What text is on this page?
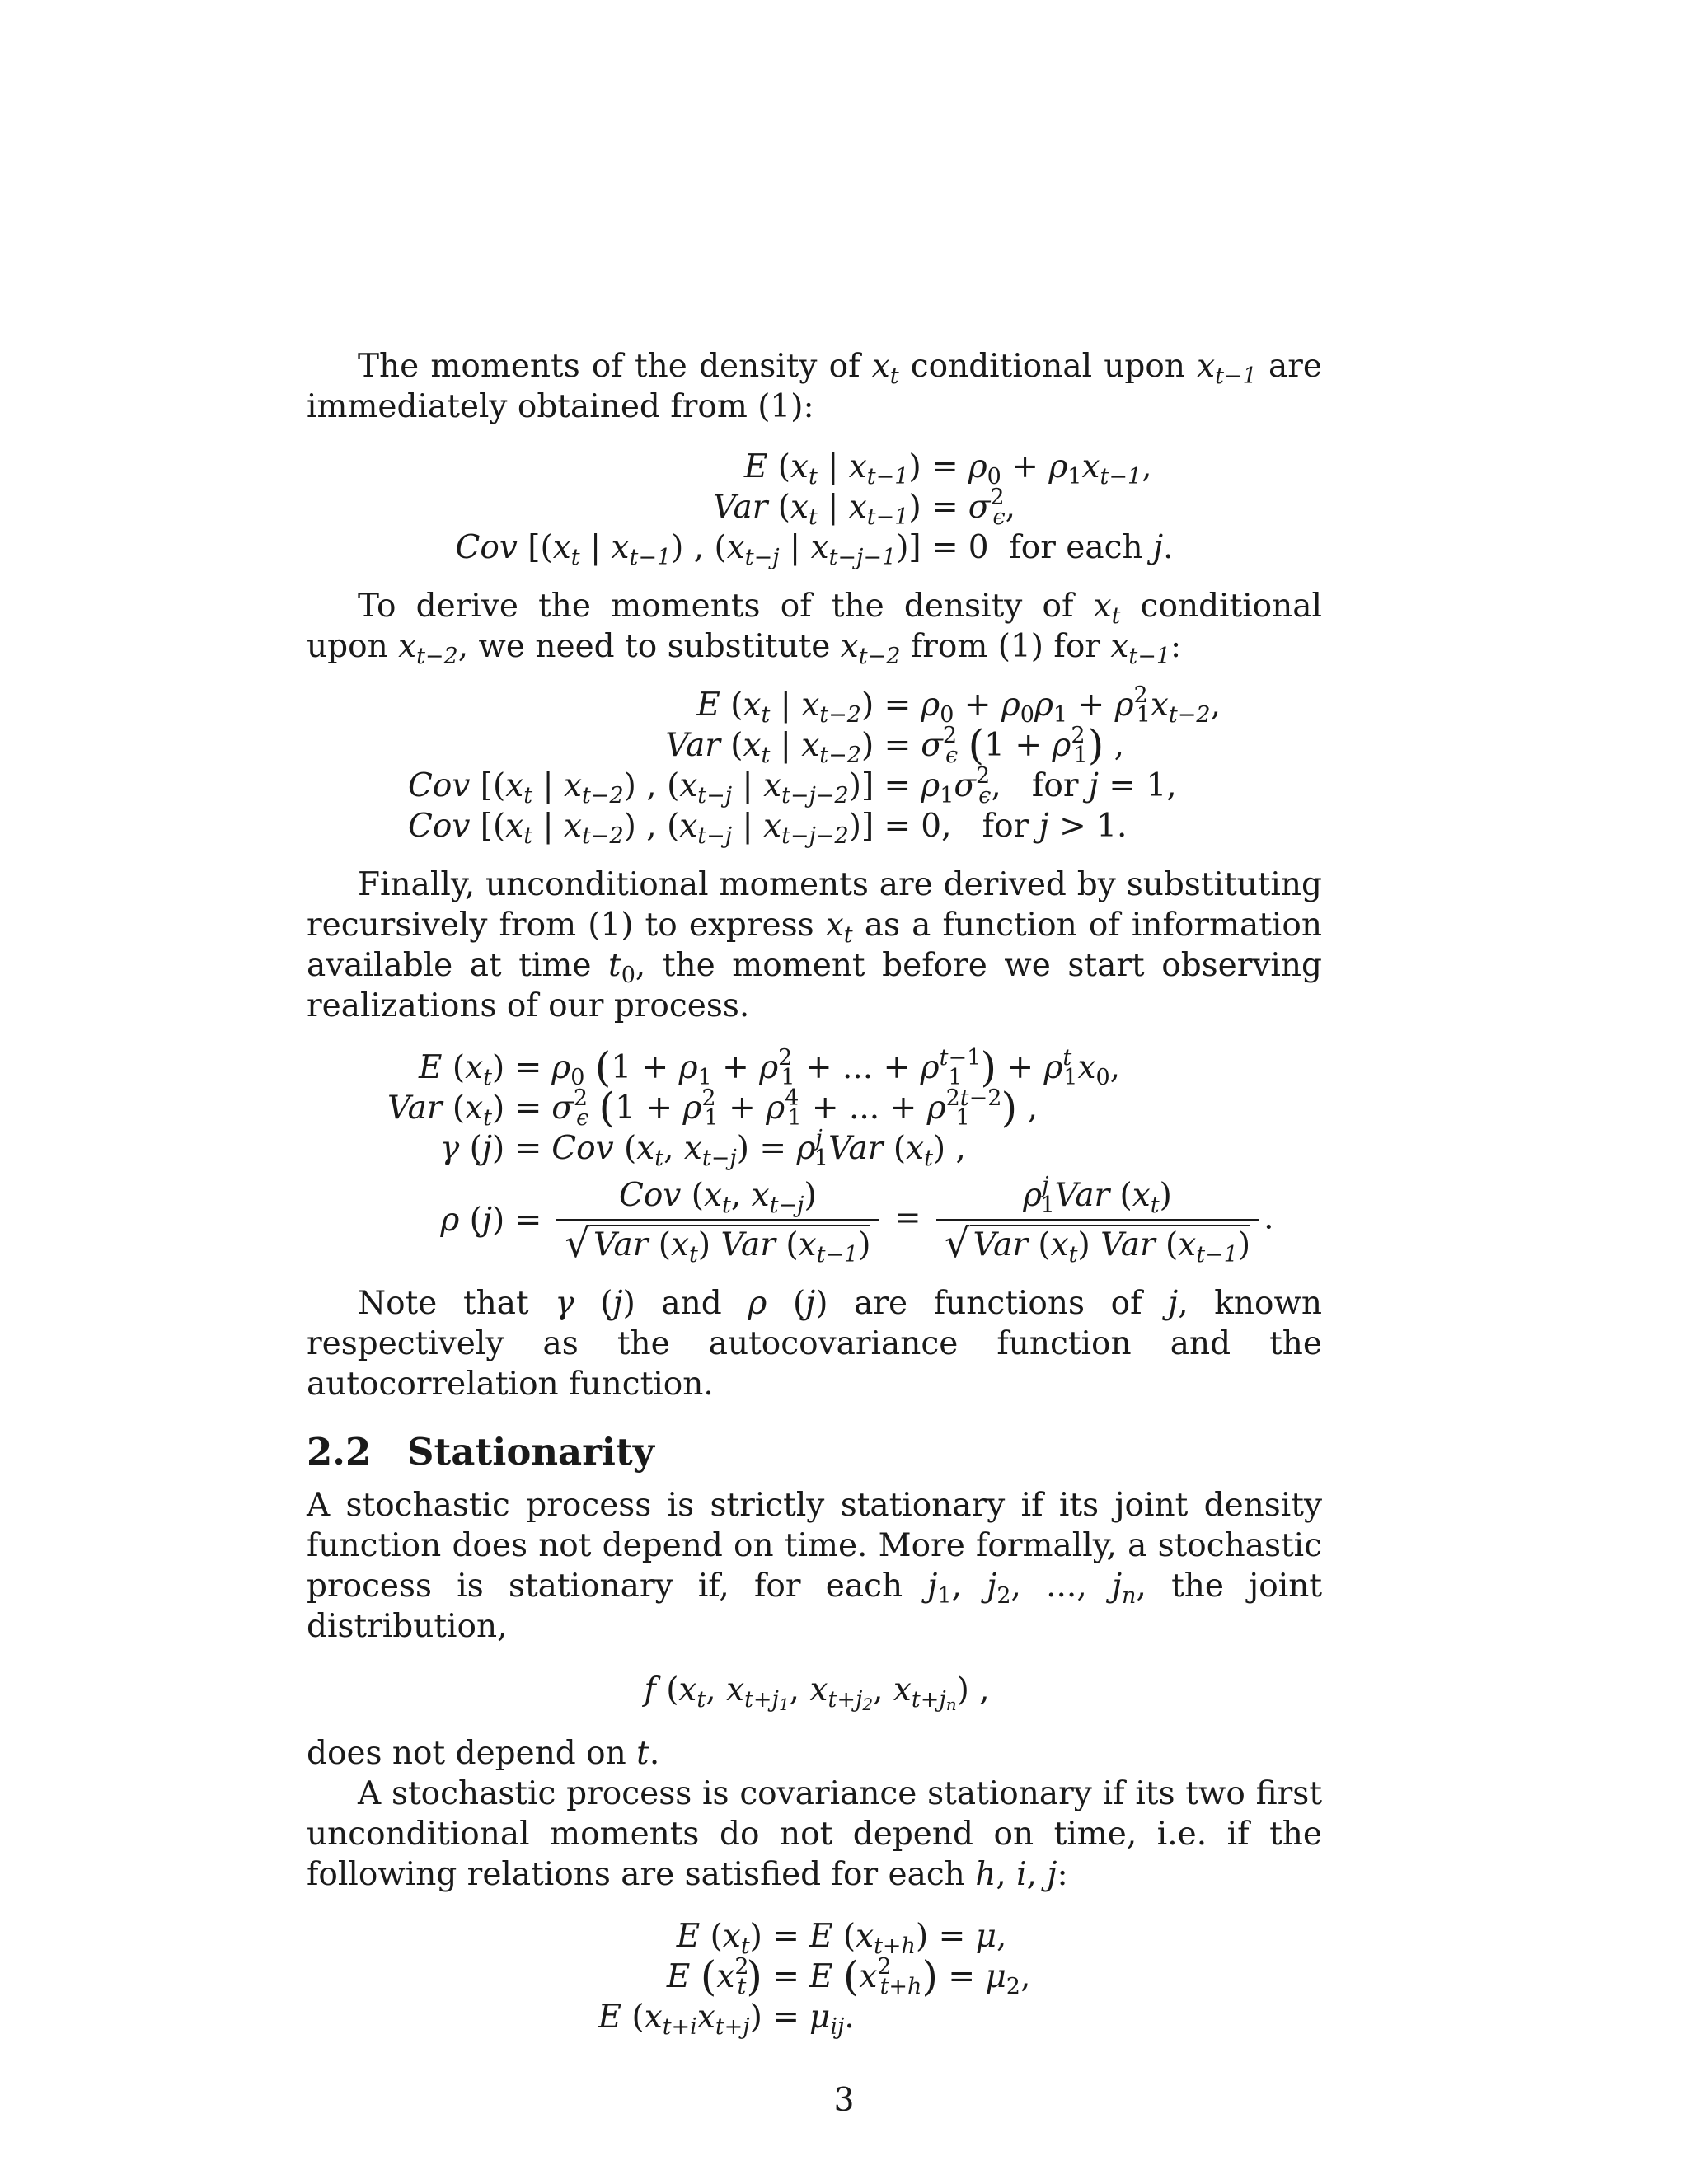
The moments of the density of $x_t$ conditional upon $x_{t-1}$ are immediately obtained from (1):

E ($x_t$ | $x_{t-1}$) =	$\rho_0 + \rho_1x_{t-1}$,
Var ($x_t$ | $x_{t-1}$) =	$\sigma^2_\epsilon$,
Cov [($x_t$ | $x_{t-1}$) , ($x_{t-j}$ | $x_{t-j-1}$)] =	0  for each j.

To derive the moments of the density of $x_t$ conditional upon $x_{t-2}$, we need to substitute $x_{t-2}$ from (1) for $x_{t-1}$:

E ($x_t$ | $x_{t-2}$) =	$\rho_0 + \rho_0\rho_1 + \rho^2_1x_{t-2}$,
Var ($x_t$ | $x_{t-2}$) =	$\sigma^2_\epsilon$ $(1 + \rho^2_1)$ ,
Cov [($x_t$ | $x_{t-2}$) , ($x_{t-j}$ | $x_{t-j-2}$)] =	$\rho_1\sigma^2_\epsilon$,   for j = 1,
Cov [($x_t$ | $x_{t-2}$) , ($x_{t-j}$ | $x_{t-j-2}$)] =	0,   for j > 1.

Finally, unconditional moments are derived by substituting recursively from (1) to express $x_t$ as a function of information available at time $t_0$, the moment before we start observing realizations of our process.

E $(x_t)$ =	$\rho_0$ ($1 + \rho_1 + \rho^2_1$ + ... + $\rho^{t-1}_1$ ) + $\rho^t_1x_0$,
Var $(x_t)$ =	$\sigma^2_\epsilon$ ($1 + \rho^2_1 + \rho^4_1$ + ... + $\rho^{2t-2}_1$ ) ,
γ (j) =	Cov ($x_t$, $x_{t-j}) = \rho^j_1Var$ $(x_t)$ ,
ρ (j) =	$\frac{Cov (x_t, x_{t-j})}{√ Var (x_t) Var (x_{t-1})} = \frac{\rho^j_1Var (x_t)}{√ Var (x_t) Var (x_{t-1})}$ .

Note that γ (j) and ρ (j) are functions of j, known respectively as the autocovariance function and the autocorrelation function.

2.2 Stationarity

A stochastic process is strictly stationary if its joint density function does not depend on time. More formally, a stochastic process is stationary if, for each $j_1$, $j_2$, ..., $j_n$, the joint distribution,

f ($x_t$, $x_{t+j_1}$, $x_{t+j_2}$, $x_{t+j_n}$) ,

does not depend on t.

A stochastic process is covariance stationary if its two first unconditional moments do not depend on time, i.e. if the following relations are satisfied for each h, i, j:

E $(x_t)$ =	E $(x_{t+h}) = \mu$,
E $(x^2_t)$ =	E $(x^2_{t+h}) = \mu_2$,
E $(x_{t+i}x_{t+j})$ =	$\mu_{ij}$.
3
